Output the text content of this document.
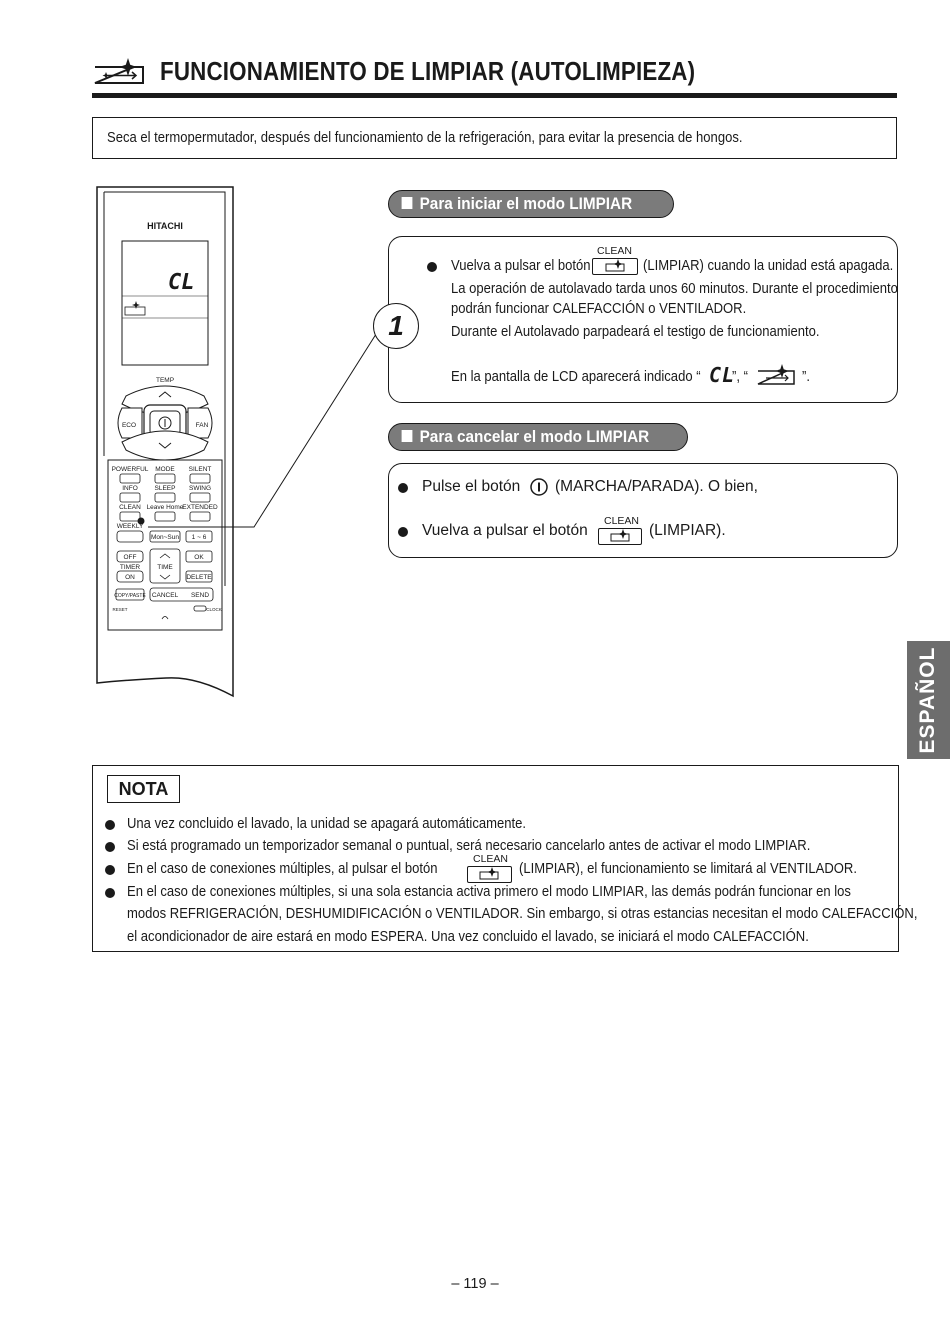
FUNCIONAMIENTO DE LIMPIAR (AUTOLIMPIEZA)
Seca el termopermutador, después del funcionamiento de la refrigeración, para evitar la presencia de hongos.
HITACHI
CL
TEMP
ECO	FAN
POWERFUL MODE SILENT
INFO	SLEEP SWING
CLEAN Leave Home
EXTENDED
WEEKLY
Mon~Sun 1 ~ 6
OFF
TIMER
ON
TIME
OK
DELETE
COPY/PASTE CANCEL SEND
RESET	CLOCK
Para iniciar el modo LIMPIAR
1
Vuelva a pulsar el botón
CLEAN
(LIMPIAR) cuando la unidad está apagada.
La operación de autolavado tarda unos 60 minutos. Durante el procedimiento
podrán funcionar CALEFACCIÓN o VENTILADOR.
Durante el Autolavado parpadeará el testigo de funcionamiento.
En la pantalla de LCD aparecerá indicado “ CL
”, “	”.
Para cancelar el modo LIMPIAR
Pulse el botón (MARCHA/PARADA). O bien,
Vuelva a pulsar el botón
CLEAN
(LIMPIAR).
ESPAÑOL
NOTA
Una vez concluido el lavado, la unidad se apagará automáticamente.
Si está programado un temporizador semanal o puntual, será necesario cancelarlo antes de activar el modo LIMPIAR.
En el caso de conexiones múltiples, al pulsar el botón
CLEAN
(LIMPIAR), el funcionamiento se limitará al VENTILADOR.
En el caso de conexiones múltiples, si una sola estancia activa primero el modo LIMPIAR, las demás podrán funcionar en los
modos REFRIGERACIÓN, DESHUMIDIFICACIÓN o VENTILADOR. Sin embargo, si otras estancias necesitan el modo CALEFACCIÓN,
el acondicionador de aire estará en modo ESPERA. Una vez concluido el lavado, se iniciará el modo CALEFACCIÓN.
– 119 –
